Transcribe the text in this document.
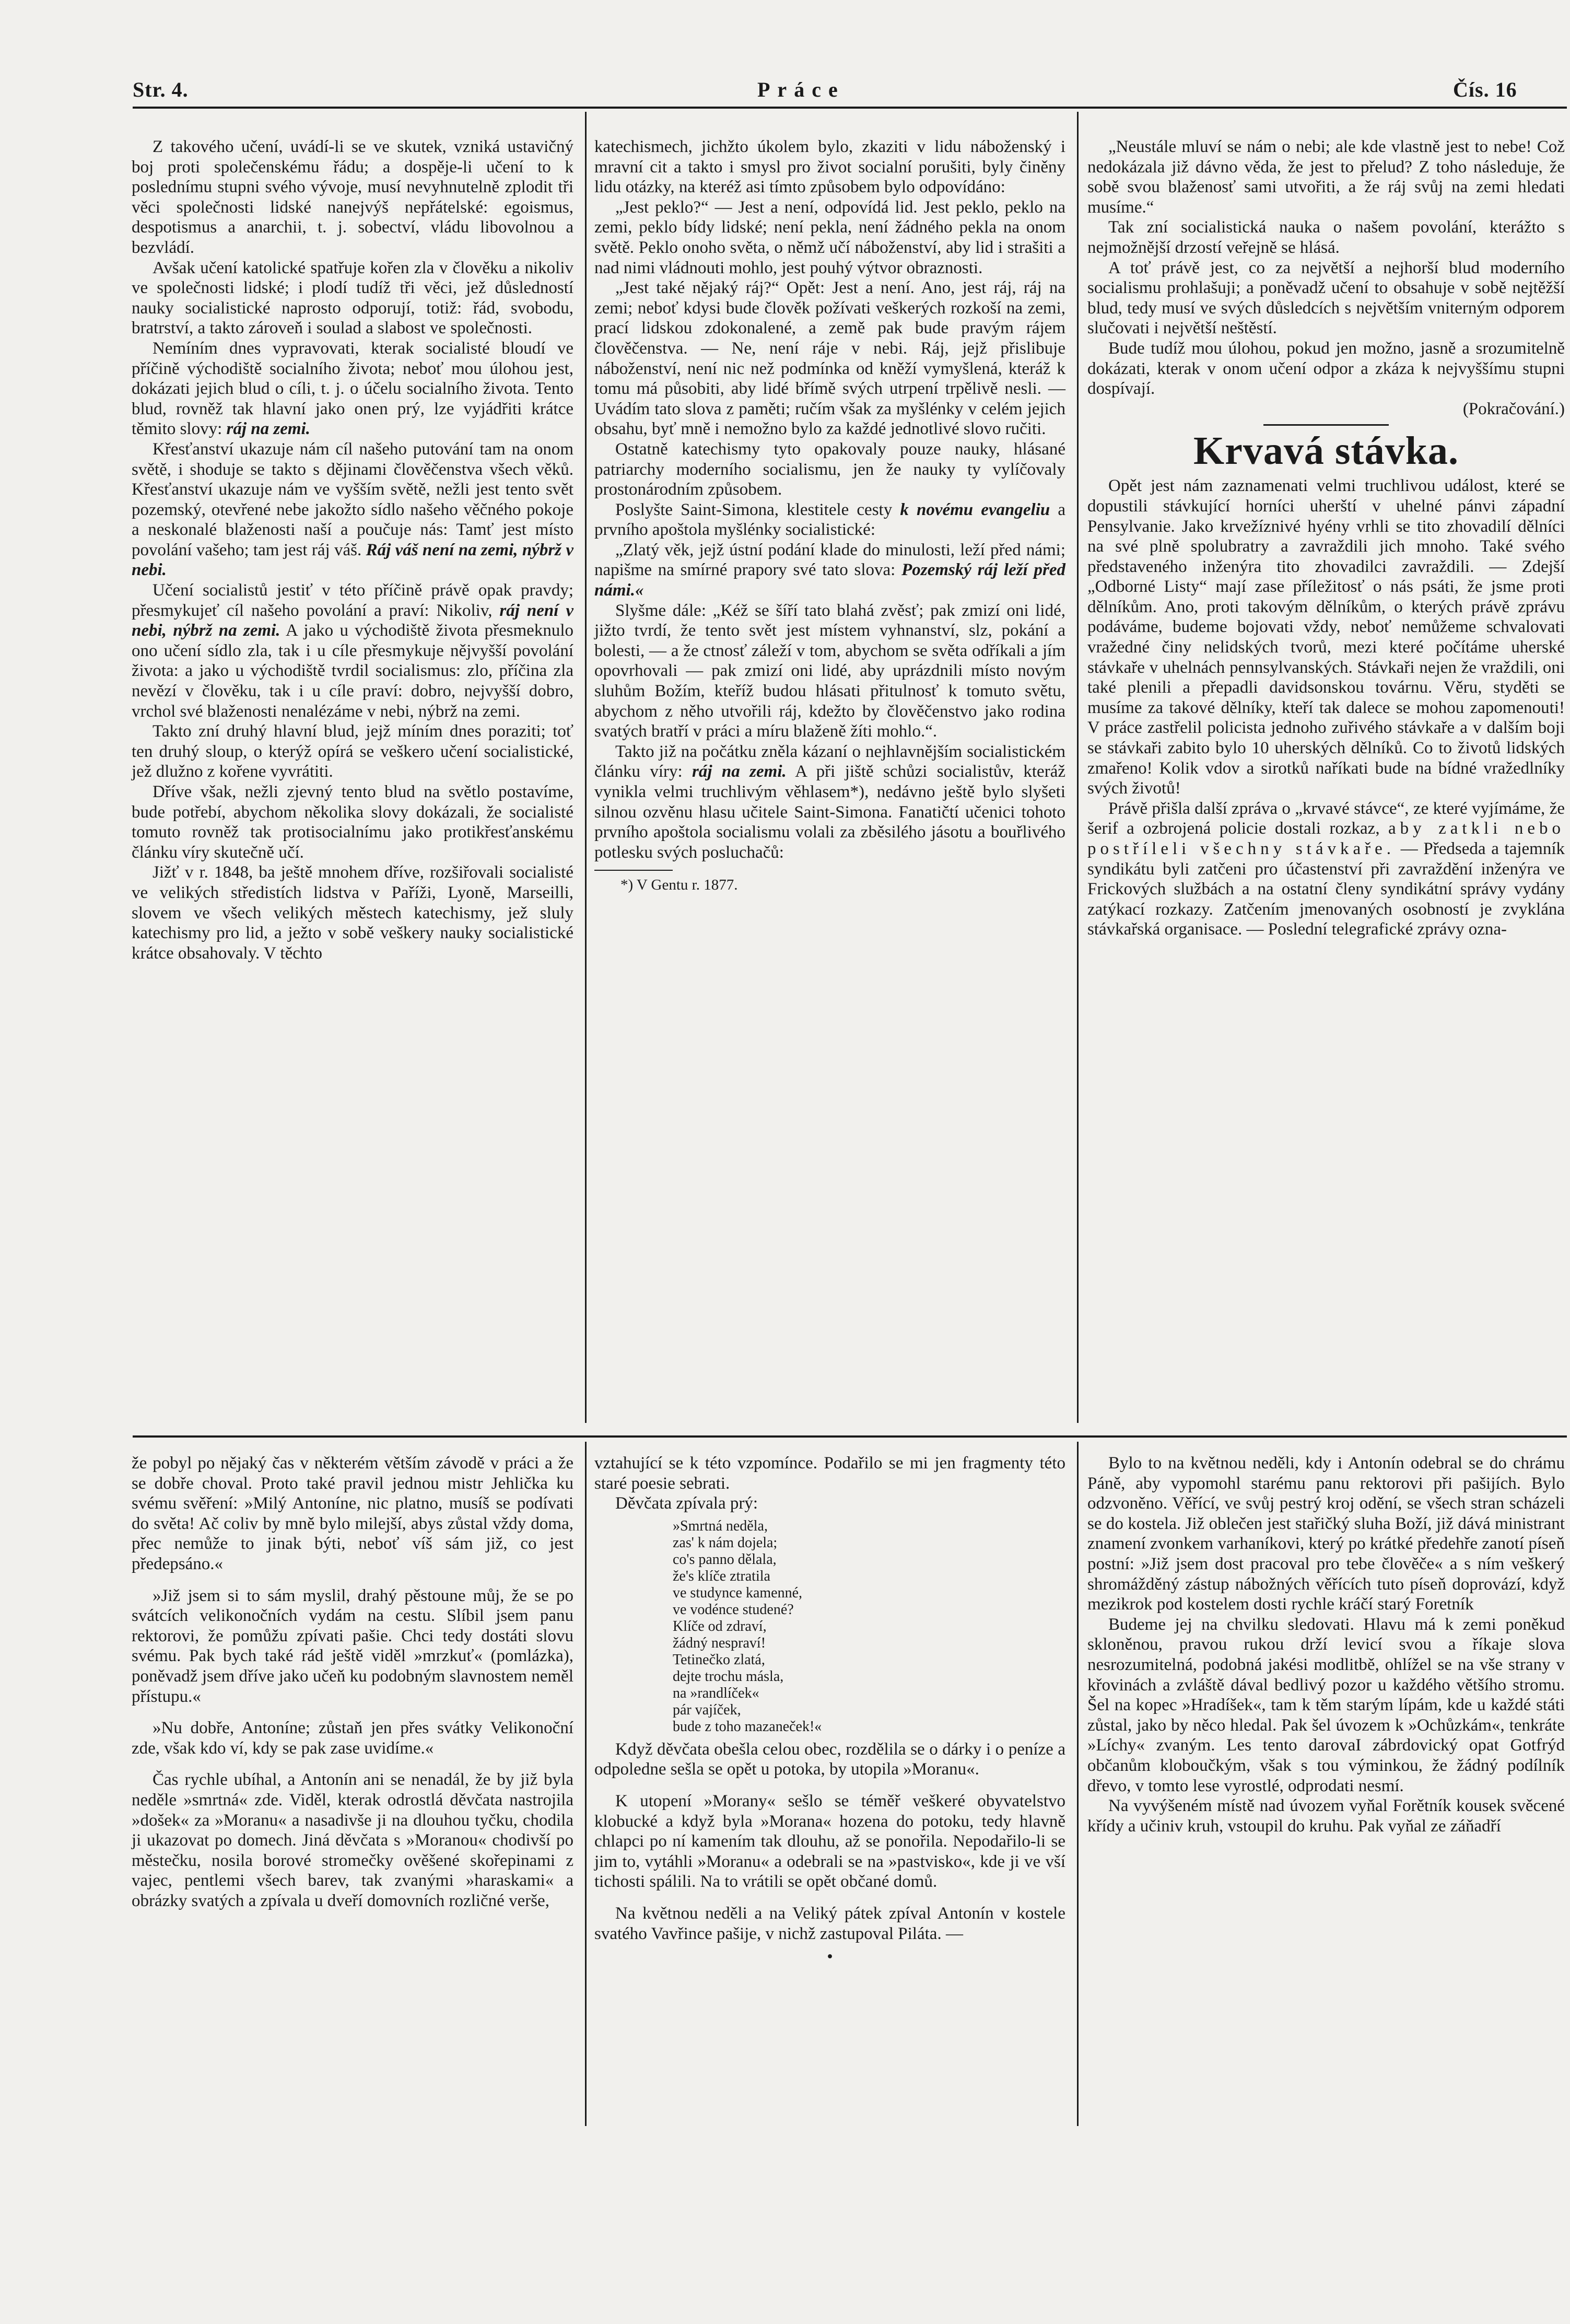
Str. 4.	Práce	Čís. 16

Z takového učení, uvádí-li se ve skutek, vzniká ustavičný boj proti společenskému řádu; a dospěje-li učení to k poslednímu stupni svého vývoje, musí nevyhnutelně zplodit tři věci společnosti lidské nanejvýš nepřátelské: egoismus, despotismus a anarchii, t. j. sobectví, vládu libovolnou a bezvládí.

Avšak učení katolické spatřuje kořen zla v člověku a nikoliv ve společnosti lidské; i plodí tudíž tři věci, jež důsledností nauky socialistické naprosto odporují, totiž: řád, svobodu, bratrství, a takto zároveň i soulad a slabost ve společnosti.

Nemíním dnes vypravovati, kterak socialisté bloudí ve příčině východiště socialního života; neboť mou úlohou jest, dokázati jejich blud o cíli, t. j. o účelu socialního života. Tento blud, rovněž tak hlavní jako onen prý, lze vyjádřiti krátce těmito slovy: ráj na zemi.

Křesťanství ukazuje nám cíl našeho putování tam na onom světě, i shoduje se takto s dějinami člověčenstva všech věků. Křesťanství ukazuje nám ve vyšším světě, nežli jest tento svět pozemský, otevřené nebe jakožto sídlo našeho věčného pokoje a neskonalé blaženosti naší a poučuje nás: Tamť jest místo povolání vašeho; tam jest ráj váš. Ráj váš není na zemi, nýbrž v nebi.

Učení socialistů jestiť v této příčině právě opak pravdy; přesmykujeť cíl našeho povolání a praví: Nikoliv, ráj není v nebi, nýbrž na zemi. A jako u východiště života přesmeknulo ono učení sídlo zla, tak i u cíle přesmykuje nějvyšší povolání života: a jako u východiště tvrdil socialismus: zlo, příčina zla nevězí v člověku, tak i u cíle praví: dobro, nejvyšší dobro, vrchol své blaženosti nenalézáme v nebi, nýbrž na zemi.

Takto zní druhý hlavní blud, jejž míním dnes poraziti; toť ten druhý sloup, o kterýž opírá se veškero učení socialistické, jež dlužno z kořene vyvrátiti.

Dříve však, nežli zjevný tento blud na světlo postavíme, bude potřebí, abychom několika slovy dokázali, že socialisté tomuto rovněž tak protisocialnímu jako protikřesťanskému článku víry skutečně učí.

Jižť v r. 1848, ba ještě mnohem dříve, rozšiřovali socialisté ve velikých středistích lidstva v Paříži, Lyoně, Marseilli, slovem ve všech velikých městech katechismy, jež sluly katechismy pro lid, a ježto v sobě veškery nauky socialistické krátce obsahovaly. V těchto

katechismech, jichžto úkolem bylo, zkaziti v lidu náboženský i mravní cit a takto i smysl pro život socialní porušiti, byly činěny lidu otázky, na kteréž asi tímto způsobem bylo odpovídáno:

„Jest peklo?“ — Jest a není, odpovídá lid. Jest peklo, peklo na zemi, peklo bídy lidské; není pekla, není žádného pekla na onom světě. Peklo onoho světa, o němž učí náboženství, aby lid i strašiti a nad nimi vládnouti mohlo, jest pouhý výtvor obraznosti.

„Jest také nějaký ráj?“ Opět: Jest a není. Ano, jest ráj, ráj na zemi; neboť kdysi bude člověk požívati veškerých rozkoší na zemi, prací lidskou zdokonalené, a země pak bude pravým rájem člověčenstva. — Ne, není ráje v nebi. Ráj, jejž přislibuje náboženství, není nic než podmínka od kněží vymyšlená, kteráž k tomu má působiti, aby lidé břímě svých utrpení trpělivě nesli. — Uvádím tato slova z paměti; ručím však za myšlénky v celém jejich obsahu, byť mně i nemožno bylo za každé jednotlivé slovo ručiti.

Ostatně katechismy tyto opakovaly pouze nauky, hlásané patriarchy moderního socialismu, jen že nauky ty vylíčovaly prostonárodním způsobem.

Poslyšte Saint-Simona, klestitele cesty k novému evangeliu a prvního apoštola myšlénky socialistické:

„Zlatý věk, jejž ústní podání klade do minulosti, leží před námi; napišme na smírné prapory své tato slova: Pozemský ráj leží před námi.«

Slyšme dále: „Kéž se šíří tato blahá zvěsť; pak zmizí oni lidé, jižto tvrdí, že tento svět jest místem vyhnanství, slz, pokání a bolesti, — a že ctnosť záleží v tom, abychom se světa odříkali a jím opovrhovali — pak zmizí oni lidé, aby uprázdnili místo novým sluhům Božím, kteříž budou hlásati přitulnosť k tomuto světu, abychom z něho utvořili ráj, kdežto by člověčenstvo jako rodina svatých bratří v práci a míru blaženě žíti mohlo.“.

Takto již na počátku zněla kázaní o nejhlavnějším socialistickém článku víry: ráj na zemi. A při jiště schůzi socialistův, kteráž vynikla velmi truchlivým věhlasem*), nedávno ještě bylo slyšeti silnou ozvěnu hlasu učitele Saint-Simona. Fanatičtí učenici tohoto prvního apoštola socialismu volali za zběsilého jásotu a bouřlivého potlesku svých posluchačů:

*) V Gentu r. 1877.

„Neustále mluví se nám o nebi; ale kde vlastně jest to nebe! Což nedokázala již dávno věda, že jest to přelud? Z toho následuje, že sobě svou blaženosť sami utvořiti, a že ráj svůj na zemi hledati musíme.“

Tak zní socialistická nauka o našem povolání, kterážto s nejmožnější drzostí veřejně se hlásá.

A toť právě jest, co za největší a nejhorší blud moderního socialismu prohlašuji; a poněvadž učení to obsahuje v sobě nejtěžší blud, tedy musí ve svých důsledcích s největším vniterným odporem slučovati i největší neštěstí.

Bude tudíž mou úlohou, pokud jen možno, jasně a srozumitelně dokázati, kterak v onom učení odpor a zkáza k nejvyššímu stupni dospívají.

(Pokračování.)

Krvavá stávka.

Opět jest nám zaznamenati velmi truchlivou událost, které se dopustili stávkující horníci uherští v uhelné pánvi západní Pensylvanie. Jako krvežíznivé hyény vrhli se tito zhovadilí dělníci na své plně spolubratry a zavraždili jich mnoho. Také svého představeného inženýra tito zhovadilci zavraždili. — Zdejší „Odborné Listy“ mají zase příležitosť o nás psáti, že jsme proti dělníkům. Ano, proti takovým dělníkům, o kterých právě zprávu podáváme, budeme bojovati vždy, neboť nemůžeme schvalovati vražedné činy nelidských tvorů, mezi které počítáme uherské stávkaře v uhelnách pennsylvanských. Stávkaři nejen že vraždili, oni také plenili a přepadli davidsonskou továrnu. Věru, styděti se musíme za takové dělníky, kteří tak dalece se mohou zapomenouti! V práce zastřelil policista jednoho zuřivého stávkaře a v dalším boji se stávkaři zabito bylo 10 uherských dělníků. Co to životů lidských zmařeno! Kolik vdov a sirotků naříkati bude na bídné vražedlníky svých životů!

Právě přišla další zpráva o „krvavé stávce“, ze které vyjímáme, že šerif a ozbrojená policie dostali rozkaz, aby zatkli nebo postříleli všechny stávkaře. — Předseda a tajemník syndikátu byli zatčeni pro účastenství při zavraždění inženýra ve Frickových službách a na ostatní členy syndikátní správy vydány zatýkací rozkazy. Zatčením jmenovaných osobností je zvyklána stávkařská organisace. — Poslední telegrafické zprávy ozna-

že pobyl po nějaký čas v některém větším závodě v práci a že se dobře choval. Proto také pravil jednou mistr Jehlička ku svému svěření: »Milý Antoníne, nic platno, musíš se podívati do světa! Ač coliv by mně bylo milejší, abys zůstal vždy doma, přec nemůže to jinak býti, neboť víš sám již, co jest předepsáno.«

»Již jsem si to sám myslil, drahý pěstoune můj, že se po svátcích velikonočních vydám na cestu. Slíbil jsem panu rektorovi, že pomůžu zpívati pašie. Chci tedy dostáti slovu svému. Pak bych také rád ještě viděl »mrzkuť« (pomlázka), poněvadž jsem dříve jako učeň ku podobným slavnostem neměl přístupu.«

»Nu dobře, Antoníne; zůstaň jen přes svátky Velikonoční zde, však kdo ví, kdy se pak zase uvidíme.«

Čas rychle ubíhal, a Antonín ani se nenadál, že by již byla neděle »smrtná« zde. Viděl, kterak odrostlá děvčata nastrojila »došek« za »Moranu« a nasadivše ji na dlouhou tyčku, chodila ji ukazovat po domech. Jiná děvčata s »Moranou« chodivší po městečku, nosila borové stromečky ověšené skořepinami z vajec, pentlemi všech barev, tak zvanými »haraskami« a obrázky svatých a zpívala u dveří domovních rozličné verše,

vztahující se k této vzpomínce. Podařilo se mi jen fragmenty této staré poesie sebrati.

Děvčata zpívala prý:

»Smrtná neděla,
zas' k nám dojela;
co's panno dělala,
že's klíče ztratila
ve studynce kamenné,
ve vodénce studené?
Klíče od zdraví,
žádný nespraví!
Tetinečko zlatá,
dejte trochu másla,
na »randlíček«
pár vajíček,
bude z toho mazaneček!«

Když děvčata obešla celou obec, rozdělila se o dárky i o peníze a odpoledne sešla se opět u potoka, by utopila »Moranu«.

K utopení »Morany« sešlo se téměř veškeré obyvatelstvo klobucké a když byla »Morana« hozena do potoku, tedy hlavně chlapci po ní kamením tak dlouhu, až se ponořila. Nepodařilo-li se jim to, vytáhli »Moranu« a odebrali se na »pastvisko«, kde ji ve vší tichosti spálili. Na to vrátili se opět občané domů.

Na květnou neděli a na Veliký pátek zpíval Antonín v kostele svatého Vavřince pašije, v nichž zastupoval Piláta. —

•

Bylo to na květnou neděli, kdy i Antonín odebral se do chrámu Páně, aby vypomohl starému panu rektorovi při pašijích. Bylo odzvoněno. Věřící, ve svůj pestrý kroj odění, se všech stran scházeli se do kostela. Již oblečen jest stařičký sluha Boží, již dává ministrant znamení zvonkem varhaníkovi, který po krátké předehře zanotí píseň postní: »Již jsem dost pracoval pro tebe člověče« a s ním veškerý shromážděný zástup nábožných věřících tuto píseň doprovází, když mezikrok pod kostelem dosti rychle kráčí starý Foretník

Budeme jej na chvilku sledovati. Hlavu má k zemi poněkud skloněnou, pravou rukou drží levicí svou a říkaje slova nesrozumitelná, podobná jakési modlitbě, ohlížel se na vše strany v křovinách a zvláště dával bedlivý pozor u každého většího stromu. Šel na kopec »Hradíšek«, tam k těm starým lípám, kde u každé státi zůstal, jako by něco hledal. Pak šel úvozem k »Ochůzkám«, tenkráte »Líchy« zvaným. Les tento darovaI zábrdovický opat Gotfrýd občanům kloboučkým, však s tou výminkou, že žádný podílník dřevo, v tomto lese vyrostlé, odprodati nesmí.

Na vyvýšeném místě nad úvozem vyňal Forětník kousek svěcené křídy a učiniv kruh, vstoupil do kruhu. Pak vyňal ze záňadří
